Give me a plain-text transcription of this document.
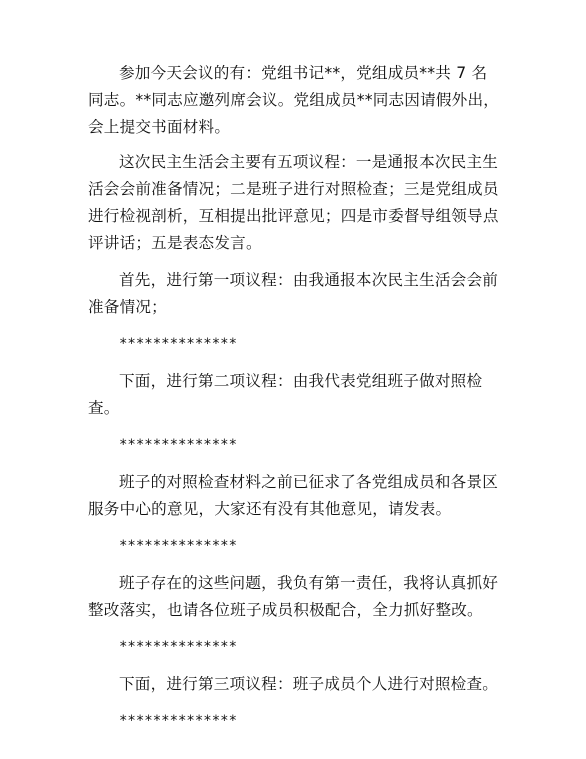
参加今天会议的有：党组书记**，党组成员**共 7 名同志。**同志应邀列席会议。党组成员**同志因请假外出，会上提交书面材料。

这次民主生活会主要有五项议程：一是通报本次民主生活会会前准备情况；二是班子进行对照检查；三是党组成员进行检视剖析，互相提出批评意见；四是市委督导组领导点评讲话；五是表态发言。

首先，进行第一项议程：由我通报本次民主生活会会前准备情况；

**************

下面，进行第二项议程：由我代表党组班子做对照检查。

**************

班子的对照检查材料之前已征求了各党组成员和各景区服务中心的意见，大家还有没有其他意见，请发表。

**************

班子存在的这些问题，我负有第一责任，我将认真抓好整改落实，也请各位班子成员积极配合，全力抓好整改。

**************

下面，进行第三项议程：班子成员个人进行对照检查。

**************
